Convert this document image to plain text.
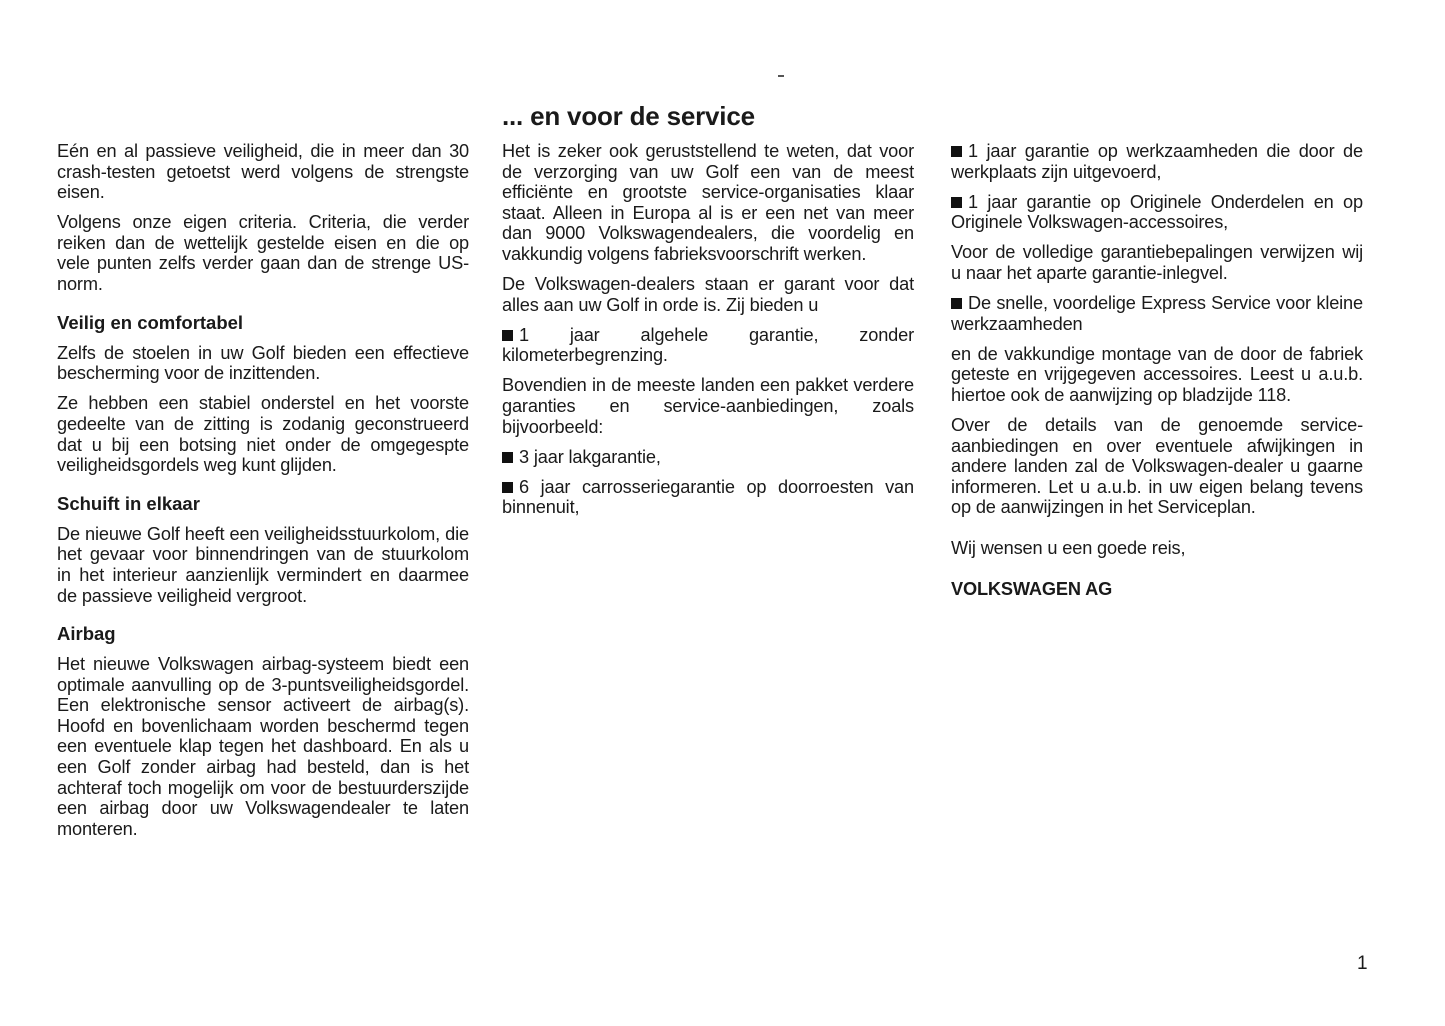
... en voor de service

Eén en al passieve veiligheid, die in meer dan 30 crash-testen getoetst werd volgens de strengste eisen.

Volgens onze eigen criteria. Criteria, die verder reiken dan de wettelijk gestelde eisen en die op vele punten zelfs verder gaan dan de strenge US-norm.

Veilig en comfortabel

Zelfs de stoelen in uw Golf bieden een effectieve bescherming voor de inzittenden.

Ze hebben een stabiel onderstel en het voorste gedeelte van de zitting is zodanig geconstrueerd dat u bij een botsing niet onder de omgegespte veiligheidsgordels weg kunt glijden.

Schuift in elkaar

De nieuwe Golf heeft een veiligheidsstuurkolom, die het gevaar voor binnendringen van de stuurkolom in het interieur aanzienlijk vermindert en daarmee de passieve veiligheid vergroot.

Airbag

Het nieuwe Volkswagen airbag-systeem biedt een optimale aanvulling op de 3-puntsveiligheidsgordel. Een elektronische sensor activeert de airbag(s). Hoofd en bovenlichaam worden beschermd tegen een eventuele klap tegen het dashboard. En als u een Golf zonder airbag had besteld, dan is het achteraf toch mogelijk om voor de bestuurderszijde een airbag door uw Volkswagendealer te laten monteren.

Het is zeker ook geruststellend te weten, dat voor de verzorging van uw Golf een van de meest efficiënte en grootste service-organisaties klaar staat. Alleen in Europa al is er een net van meer dan 9000 Volkswagendealers, die voordelig en vakkundig volgens fabrieksvoorschrift werken.

De Volkswagen-dealers staan er garant voor dat alles aan uw Golf in orde is. Zij bieden u

1 jaar algehele garantie, zonder kilometerbegrenzing.

Bovendien in de meeste landen een pakket verdere garanties en service-aanbiedingen, zoals bijvoorbeeld:

3 jaar lakgarantie,

6 jaar carrosseriegarantie op doorroesten van binnenuit,

1 jaar garantie op werkzaamheden die door de werkplaats zijn uitgevoerd,

1 jaar garantie op Originele Onderdelen en op Originele Volkswagen-accessoires,

Voor de volledige garantiebepalingen verwijzen wij u naar het aparte garantie-inlegvel.

De snelle, voordelige Express Service voor kleine werkzaamheden

en de vakkundige montage van de door de fabriek geteste en vrijgegeven accessoires. Leest u a.u.b. hiertoe ook de aanwijzing op bladzijde 118.

Over de details van de genoemde service-aanbiedingen en over eventuele afwijkingen in andere landen zal de Volkswagen-dealer u gaarne informeren. Let u a.u.b. in uw eigen belang tevens op de aanwijzingen in het Serviceplan.

Wij wensen u een goede reis,

VOLKSWAGEN AG

1
